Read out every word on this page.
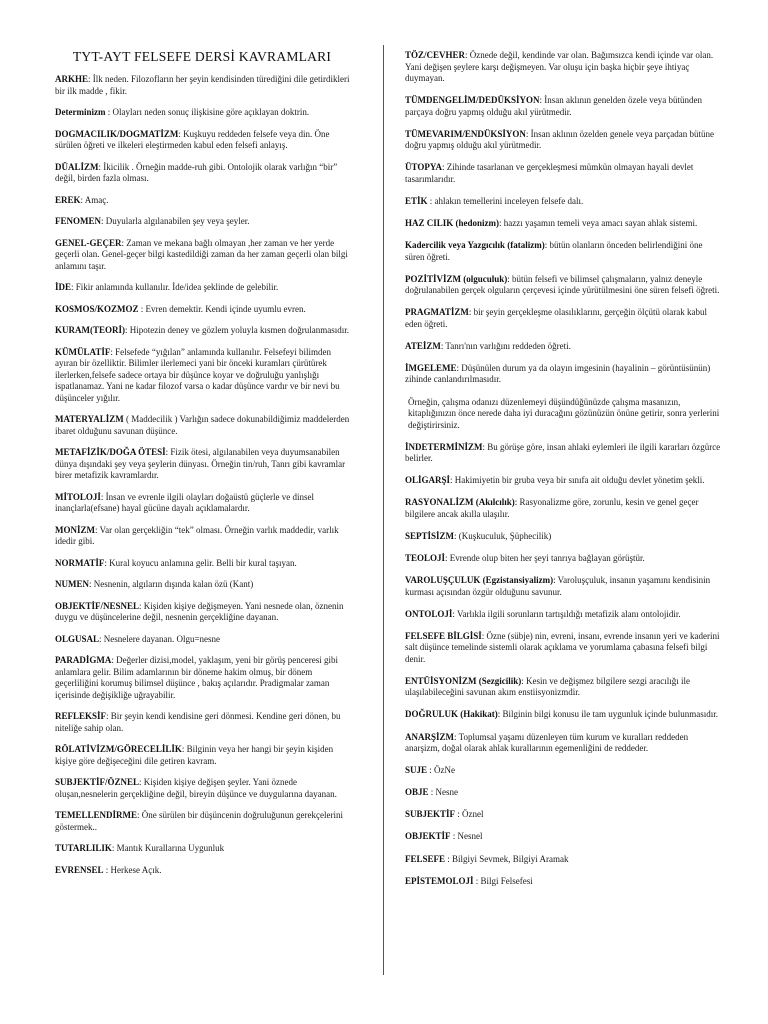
TYT-AYT FELSEFE DERSİ KAVRAMLARI

ARKHE: İlk neden. Filozofların her şeyin kendisinden türediğini dile getirdikleri bir ilk madde , fikir.

Determinizm : Olayları neden sonuç ilişkisine göre açıklayan doktrin.

DOGMACILIK/DOGMATİZM: Kuşkuyu reddeden felsefe veya din. Öne sürülen öğreti ve ilkeleri eleştirmeden kabul eden felsefi anlayış.

DÜALİZM: İkicilik . Örneğin madde-ruh gibi. Ontolojik olarak varlığın “bir” değil, birden fazla olması.

EREK: Amaç.

FENOMEN: Duyularla algılanabilen şey veya şeyler.

GENEL-GEÇER: Zaman ve mekana bağlı olmayan ,her zaman ve her yerde geçerli olan. Genel-geçer bilgi kastedildiği zaman da her zaman geçerli olan bilgi anlamını taşır.

İDE: Fikir anlamında kullanılır. İde/idea şeklinde de gelebilir.

KOSMOS/KOZMOZ : Evren demektir. Kendi içinde uyumlu evren.

KURAM(TEORİ): Hipotezin deney ve gözlem yoluyla kısmen doğrulanmasıdır.

KÜMÜLATİF: Felsefede “yığılan” anlamında kullanılır. Felsefeyi bilimden ayıran bir özelliktir. Bilimler ilerlemeci yani bir önceki kuramları çürütürek ilerlerken,felsefe sadece ortaya bir düşünce koyar ve doğruluğu yanlışlığı ispatlanamaz. Yani ne kadar filozof varsa o kadar düşünce vardır ve bir nevi bu düşünceler yığılır.

MATERYALİZM ( Maddecilik ) Varlığın sadece dokunabildiğimiz maddelerden ibaret olduğunu savunan düşünce.

METAFİZİK/DOĞA ÖTESİ: Fizik ötesi, algılanabilen veya duyumsanabilen dünya dışındaki şey veya şeylerin dünyası. Örneğin tin/ruh, Tanrı gibi kavramlar birer metafizik kavramlardır.

MİTOLOJİ: İnsan ve evrenle ilgili olayları doğaüstü güçlerle ve dinsel inançlarla(efsane) hayal gücüne dayalı açıklamalardır.

MONİZM: Var olan gerçekliğin “tek” olması. Örneğin varlık maddedir, varlık idedir gibi.

NORMATİF: Kural koyucu anlamına gelir. Belli bir kural taşıyan.

NUMEN: Nesnenin, algıların dışında kalan özü (Kant)

OBJEKTİF/NESNEL: Kişiden kişiye değişmeyen. Yani nesnede olan, öznenin duygu ve düşüncelerine değil, nesnenin gerçekliğine dayanan.

OLGUSAL: Nesnelere dayanan. Olgu=nesne

PARADİGMA: Değerler dizisi,model, yaklaşım, yeni bir görüş penceresi gibi anlamlara gelir. Bilim adamlarının bir döneme hakim olmuş, bir dönem geçerliliğini korumuş bilimsel düşünce , bakış açılarıdır. Pradigmalar zaman içerisinde değişikliğe uğrayabilir.

REFLEKSİF: Bir şeyin kendi kendisine geri dönmesi. Kendine geri dönen, bu niteliğe sahip olan.

RÖLATİVİZM/GÖRECELİLİK: Bilginin veya her hangi bir şeyin kişiden kişiye göre değişeceğini dile getiren kavram.

SUBJEKTİF/ÖZNEL: Kişiden kişiye değişen şeyler. Yani öznede oluşan,nesnelerin gerçekliğine değil, bireyin düşünce ve duygularına dayanan.

TEMELLENDİRME: Öne sürülen bir düşüncenin doğruluğunun gerekçelerini göstermek..

TUTARLILIK: Mantık Kurallarına Uygunluk

EVRENSEL : Herkese Açık.

TÖZ/CEVHER: Öznede değil, kendinde var olan. Bağımsızca kendi içinde var olan. Yani değişen şeylere karşı değişmeyen. Var oluşu için başka hiçbir şeye ihtiyaç duymayan.

TÜMDENGELİM/DEDÜKSİYON: İnsan aklının genelden özele veya bütünden parçaya doğru yapmış olduğu akıl yürütmedir.

TÜMEVARIM/ENDÜKSİYON: İnsan aklının özelden genele veya parçadan bütüne doğru yapmış olduğu akıl yürütmedir.

ÜTOPYA: Zihinde tasarlanan ve gerçekleşmesi mümkün olmayan hayali devlet tasarımlarıdır.

ETİK : ahlakın temellerini inceleyen felsefe dalı.

HAZ CILIK (hedonizm): hazzı yaşamın temeli veya amacı sayan ahlak sistemi.

Kadercilik veya Yazgıcılık (fatalizm): bütün olanların önceden belirlendiğini öne süren öğreti.

POZİTİVİZM (olguculuk): bütün felsefi ve bilimsel çalışmaların, yalnız deneyle doğrulanabilen gerçek olguların çerçevesi içinde yürütülmesini öne süren felsefi öğreti.

PRAGMATİZM: bir şeyin gerçekleşme olasılıklarını, gerçeğin ölçütü olarak kabul eden öğreti.

ATEİZM: Tanrı'nın varlığını reddeden öğreti.

İMGELEME: Düşünülen durum ya da olayın imgesinin (hayalinin – görüntüsünün) zihinde canlandırılmasıdır.

Örneğin, çalışma odanızı düzenlemeyi düşündüğünüzde çalışma masanızın, kitaplığınızın önce nerede daha iyi duracağını gözünüzün önüne getirir, sonra yerlerini değiştirirsiniz.

İNDETERMİNİZM: Bu görüşe göre, insan ahlaki eylemleri ile ilgili kararları özgürce belirler.

OLİGARŞİ: Hakimiyetin bir gruba veya bir sınıfa ait olduğu devlet yönetim şekli.

RASYONALİZM (Akılcılık): Rasyonalizme göre, zorunlu, kesin ve genel geçer bilgilere ancak akılla ulaşılır.

SEPTİSİZM: (Kuşkuculuk, Şüphecilik)

TEOLOJİ: Evrende olup biten her şeyi tanrıya bağlayan görüştür.

VAROLUŞÇULUK (Egzistansiyalizm): Varoluşçuluk, insanın yaşamını kendisinin kurması açısından özgür olduğunu savunur.

ONTOLOJİ: Varlıkla ilgili sorunların tartışıldığı metafizik alanı ontolojidir.

FELSEFE BİLGİSİ: Özne (sübje) nin, evreni, insanı, evrende insanın yeri ve kaderini salt düşünce temelinde sistemli olarak açıklama ve yorumlama çabasına felsefi bilgi denir.

ENTÜİSYONİZM (Sezgicilik): Kesin ve değişmez bilgilere sezgi aracılığı ile ulaşılabileceğini savunan akım enstiisyonizmdir.

DOĞRULUK (Hakikat): Bilginin bilgi konusu ile tam uygunluk içinde bulunmasıdır.

ANARŞİZM: Toplumsal yaşamı düzenleyen tüm kurum ve kuralları reddeden anarşizm, doğal olarak ahlak kurallarının egemenliğini de reddeder.

SUJE : ÖzNe

OBJE : Nesne

SUBJEKTİF : Öznel

OBJEKTİF : Nesnel

FELSEFE : Bilgiyi Sevmek, Bilgiyi Aramak

EPİSTEMOLOJİ : Bilgi Felsefesi
